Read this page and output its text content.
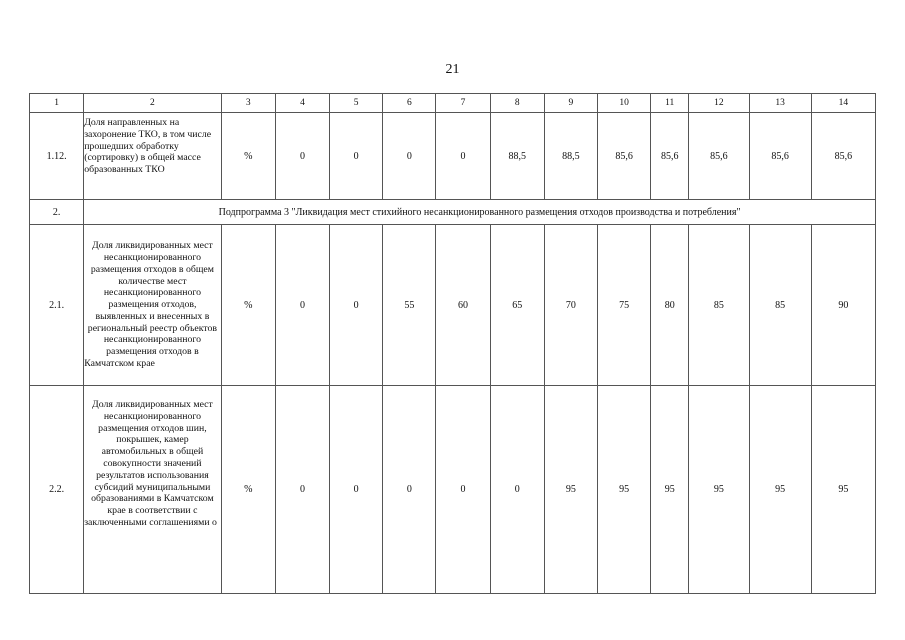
21
1	2	3	4	5	6	7	8	9	10	11	12	13	14
1.12.	Доля направленных на захоронение ТКО, в том числе прошедших обработку (сортировку) в общей массе образованных ТКО	%	0	0	0	0	88,5	88,5	85,6	85,6	85,6	85,6	85,6
2.	Подпрограмма 3 "Ликвидация мест стихийного несанкционированного размещения отходов производства и потребления"												
2.1.	Доля ликвидированных мест несанкционированного размещения отходов в общем количестве мест несанкционированного размещения отходов, выявленных и внесенных в региональный реестр объектов несанкционированного размещения отходов в Камчатском крае	%	0	0	55	60	65	70	75	80	85	85	90
2.2.	Доля ликвидированных мест несанкционированного размещения отходов шин, покрышек, камер автомобильных в общей совокупности значений результатов использования субсидий муниципальными образованиями в Камчатском крае в соответствии с заключенными соглашениями о	%	0	0	0	0	0	95	95	95	95	95	95
